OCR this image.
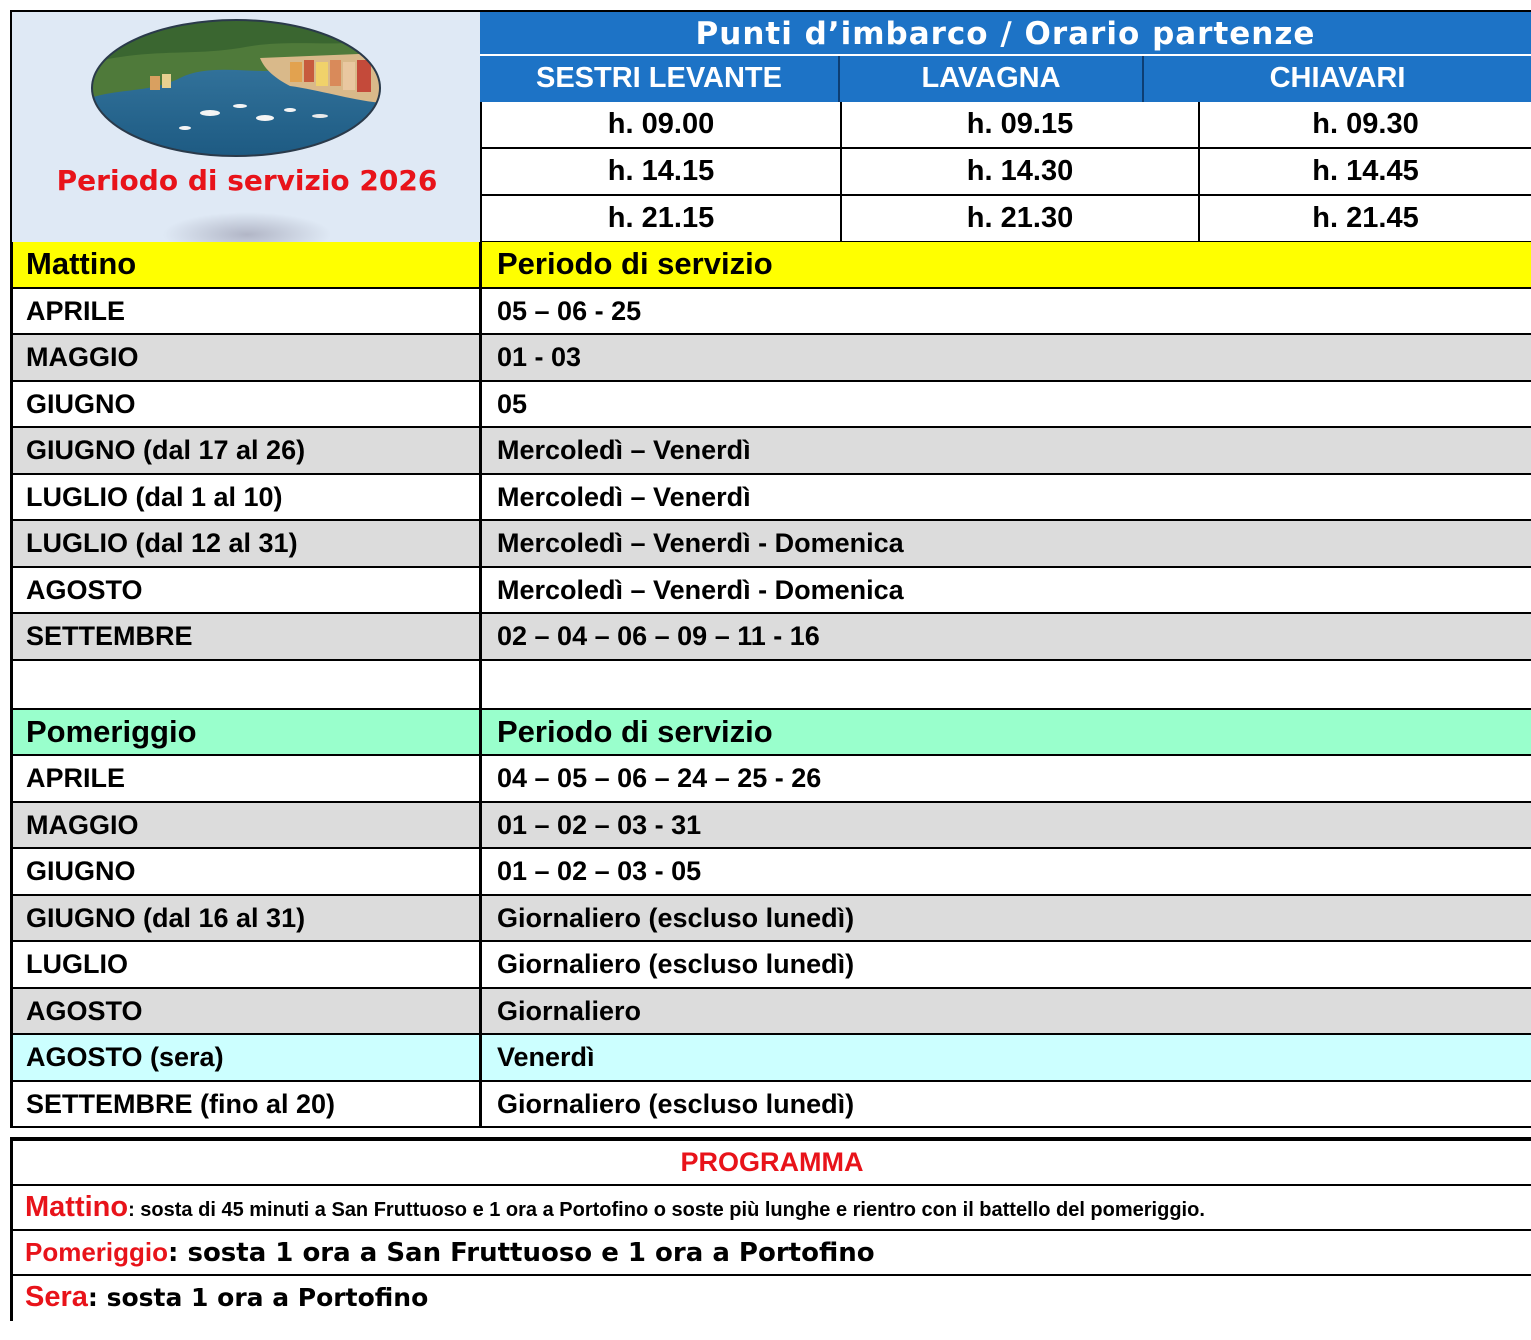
Periodo di servizio 2026
Punti d’imbarco / Orario partenze
SESTRI LEVANTE	LAVAGNA	CHIAVARI
h. 09.00	h. 09.15	h. 09.30
h. 14.15	h. 14.30	h. 14.45
h. 21.15	h. 21.30	h. 21.45
Mattino	Periodo di servizio
APRILE	05 – 06 - 25
MAGGIO	01 - 03
GIUGNO	05
GIUGNO (dal 17 al 26)	Mercoledì – Venerdì
LUGLIO (dal 1 al 10)	Mercoledì – Venerdì
LUGLIO (dal 12 al 31)	Mercoledì – Venerdì - Domenica
AGOSTO	Mercoledì – Venerdì - Domenica
SETTEMBRE	02 – 04 – 06 – 09 – 11 - 16
Pomeriggio	Periodo di servizio
APRILE	04 – 05 – 06 – 24 – 25 - 26
MAGGIO	01 – 02 – 03 - 31
GIUGNO	01 – 02 – 03 - 05
GIUGNO (dal 16 al 31)	Giornaliero (escluso lunedì)
LUGLIO	Giornaliero (escluso lunedì)
AGOSTO	Giornaliero
AGOSTO (sera)	Venerdì
SETTEMBRE (fino al 20)	Giornaliero (escluso lunedì)
PROGRAMMA
Mattino: sosta di 45 minuti a San Fruttuoso e 1 ora a Portofino o soste più lunghe e rientro con il battello del pomeriggio.
Pomeriggio: sosta 1 ora a San Fruttuoso e 1 ora a Portofino
Sera: sosta 1 ora a Portofino
